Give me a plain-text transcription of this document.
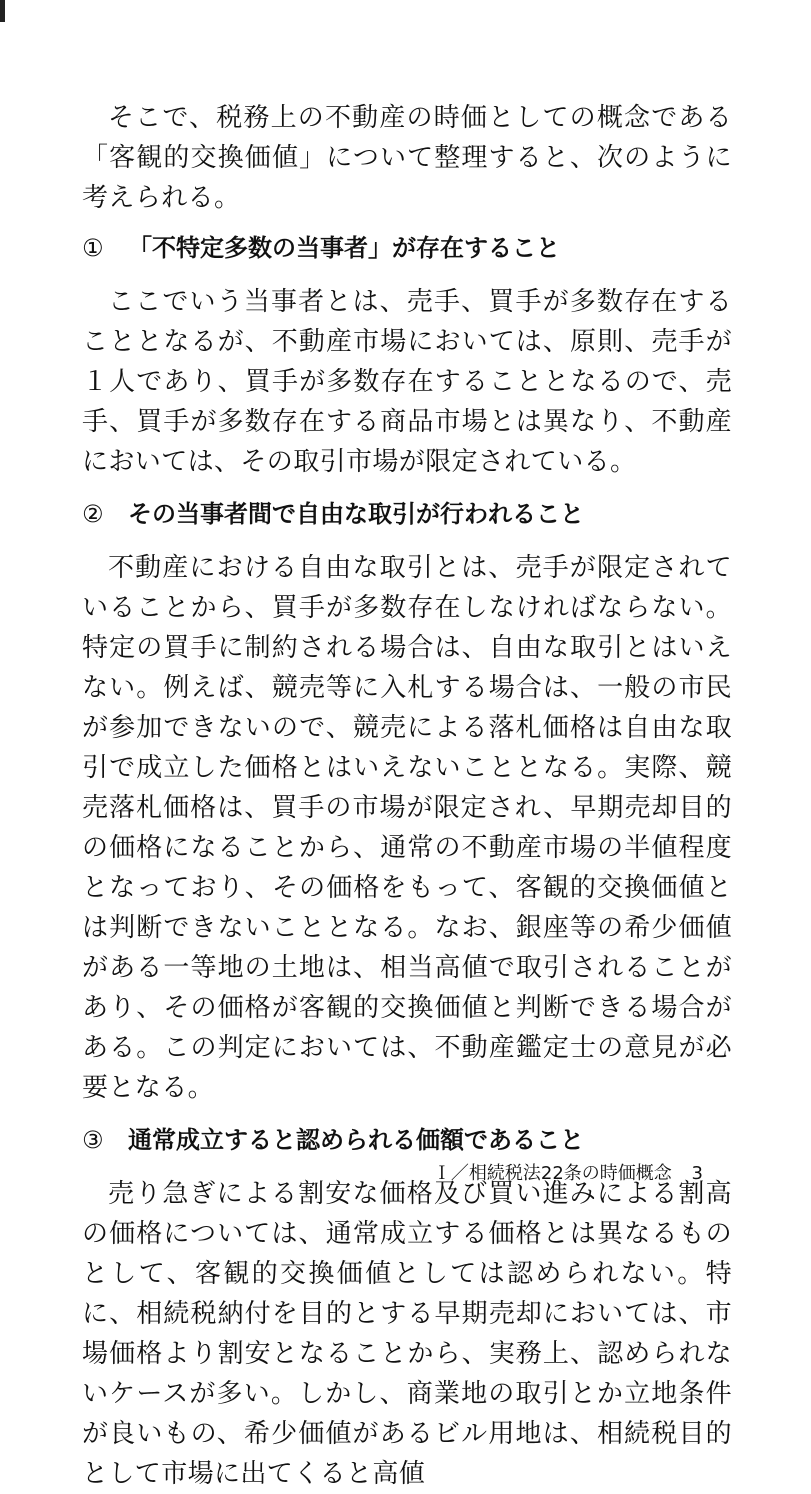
そこで、税務上の不動産の時価としての概念である「客観的交換価値」について整理すると、次のように考えられる。

①	「不特定多数の当事者」が存在すること

ここでいう当事者とは、売手、買手が多数存在することとなるが、不動産市場においては、原則、売手が１人であり、買手が多数存在することとなるので、売手、買手が多数存在する商品市場とは異なり、不動産においては、その取引市場が限定されている。

②	その当事者間で自由な取引が行われること

不動産における自由な取引とは、売手が限定されていることから、買手が多数存在しなければならない。特定の買手に制約される場合は、自由な取引とはいえない。例えば、競売等に入札する場合は、一般の市民が参加できないので、競売による落札価格は自由な取引で成立した価格とはいえないこととなる。実際、競売落札価格は、買手の市場が限定され、早期売却目的の価格になることから、通常の不動産市場の半値程度となっており、その価格をもって、客観的交換価値とは判断できないこととなる。なお、銀座等の希少価値がある一等地の土地は、相当高値で取引されることがあり、その価格が客観的交換価値と判断できる場合がある。この判定においては、不動産鑑定士の意見が必要となる。

③	通常成立すると認められる価額であること

売り急ぎによる割安な価格及び買い進みによる割高の価格については、通常成立する価格とは異なるものとして、客観的交換価値としては認められない。特に、相続税納付を目的とする早期売却においては、市場価格より割安となることから、実務上、認められないケースが多い。しかし、商業地の取引とか立地条件が良いもの、希少価値があるビル用地は、相続税目的として市場に出てくると高値

Ｉ／相続税法22条の時価概念 3
